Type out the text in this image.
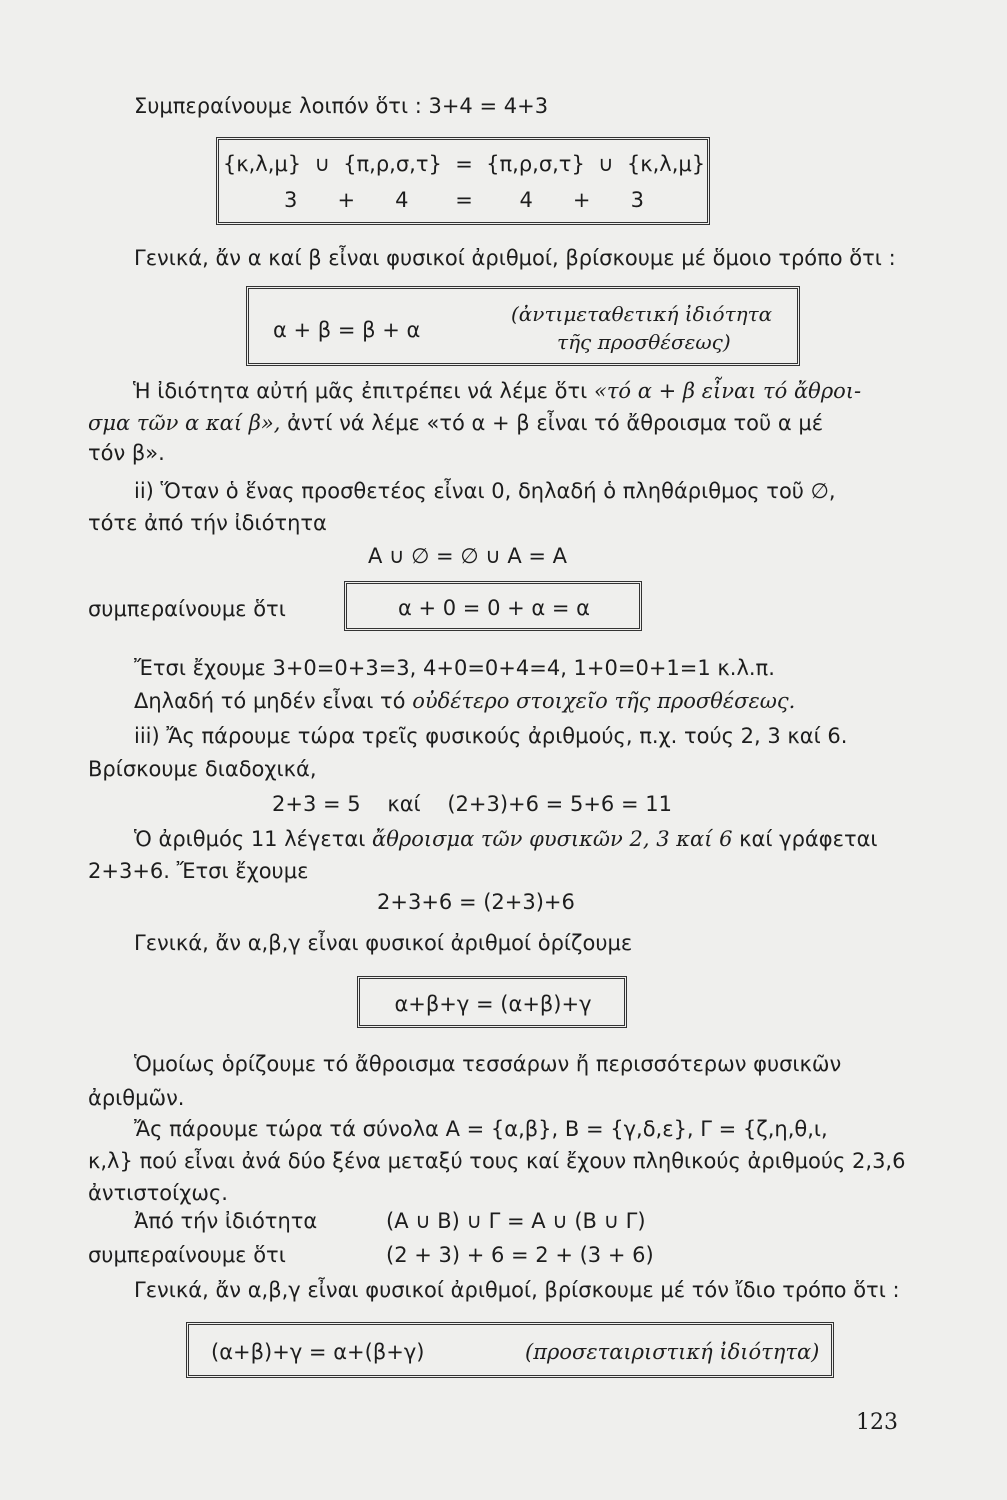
Συμπεραίνουμε λοιπόν ὅτι : 3+4 = 4+3
{κ,λ,μ}  ∪  {π,ρ,σ,τ}  =  {π,ρ,σ,τ}  ∪  {κ,λ,μ}
3      +      4       =       4      +      3
Γενικά, ἄν α καί β εἶναι φυσικοί ἀριθμοί, βρίσκουμε μέ ὅμοιο τρόπο ὅτι :
α + β = β + α
(ἀντιμεταθετική ἰδιότητα
τῆς προσθέσεως)
Ἡ ἰδιότητα αὐτή μᾶς ἐπιτρέπει νά λέμε ὅτι «τό α + β εἶναι τό ἄθροι-
σμα τῶν α καί β», ἀντί νά λέμε «τό α + β εἶναι τό ἄθροισμα τοῦ α μέ
τόν β».
ii) Ὅταν ὁ ἕνας προσθετέος εἶναι 0, δηλαδή ὁ πληθάριθμος τοῦ ∅,
τότε ἀπό τήν ἰδιότητα
A ∪ ∅ = ∅ ∪ A = A
συμπεραίνουμε ὅτι	α + 0 = 0 + α = α
Ἔτσι ἔχουμε 3+0=0+3=3, 4+0=0+4=4, 1+0=0+1=1 κ.λ.π.
Δηλαδή τό μηδέν εἶναι τό οὐδέτερο στοιχεῖο τῆς προσθέσεως.
iii) Ἄς πάρουμε τώρα τρεῖς φυσικούς ἀριθμούς, π.χ. τούς 2, 3 καί 6.
Βρίσκουμε διαδοχικά,
2+3 = 5    καί    (2+3)+6 = 5+6 = 11
Ὁ ἀριθμός 11 λέγεται ἄθροισμα τῶν φυσικῶν 2, 3 καί 6 καί γράφεται
2+3+6. Ἔτσι ἔχουμε
2+3+6 = (2+3)+6
Γενικά, ἄν α,β,γ εἶναι φυσικοί ἀριθμοί ὁρίζουμε
α+β+γ = (α+β)+γ
Ὁμοίως ὁρίζουμε τό ἄθροισμα τεσσάρων ἤ περισσότερων φυσικῶν
ἀριθμῶν.
Ἄς πάρουμε τώρα τά σύνολα A = {α,β}, B = {γ,δ,ε}, Γ = {ζ,η,θ,ι,
κ,λ} πού εἶναι ἀνά δύο ξένα μεταξύ τους καί ἔχουν πληθικούς ἀριθμούς 2,3,6
ἀντιστοίχως.
Ἀπό τήν ἰδιότητα	(A ∪ B) ∪ Γ = A ∪ (B ∪ Γ)
συμπεραίνουμε ὅτι	(2 + 3) + 6 = 2 + (3 + 6)
Γενικά, ἄν α,β,γ εἶναι φυσικοί ἀριθμοί, βρίσκουμε μέ τόν ἴδιο τρόπο ὅτι :
(α+β)+γ = α+(β+γ)	(προσεταιριστική ἰδιότητα)
123
